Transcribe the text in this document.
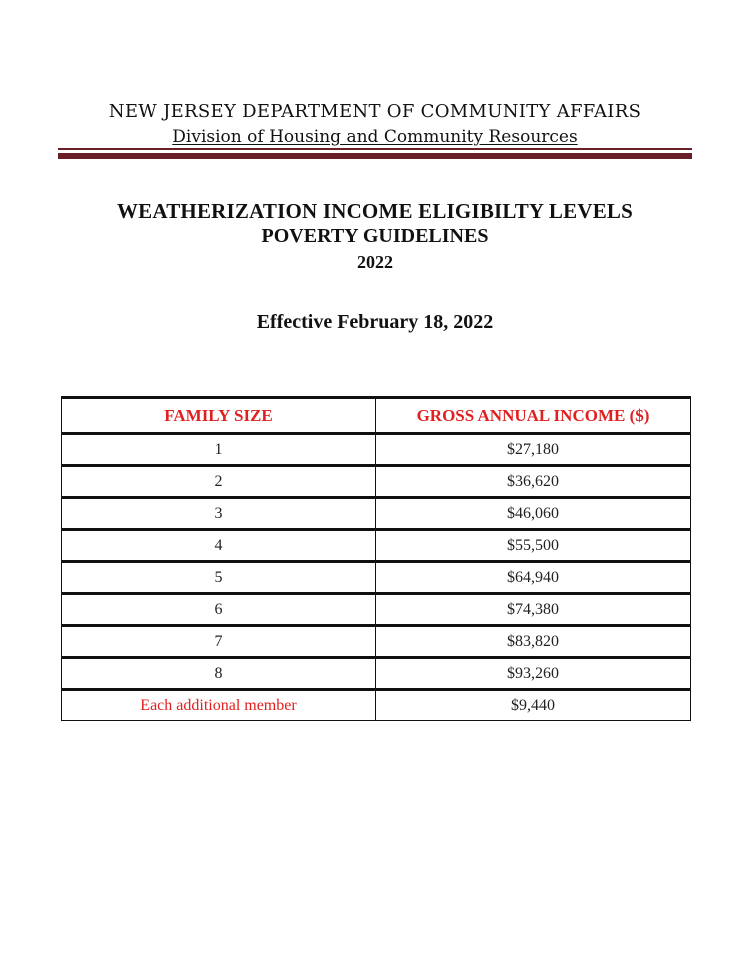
NEW JERSEY DEPARTMENT OF COMMUNITY AFFAIRS
Division of Housing and Community Resources
WEATHERIZATION INCOME ELIGIBILTY LEVELS
POVERTY GUIDELINES
2022
Effective February 18, 2022
FAMILY SIZE	GROSS ANNUAL INCOME ($)
1	$27,180
2	$36,620
3	$46,060
4	$55,500
5	$64,940
6	$74,380
7	$83,820
8	$93,260
Each additional member	$9,440
